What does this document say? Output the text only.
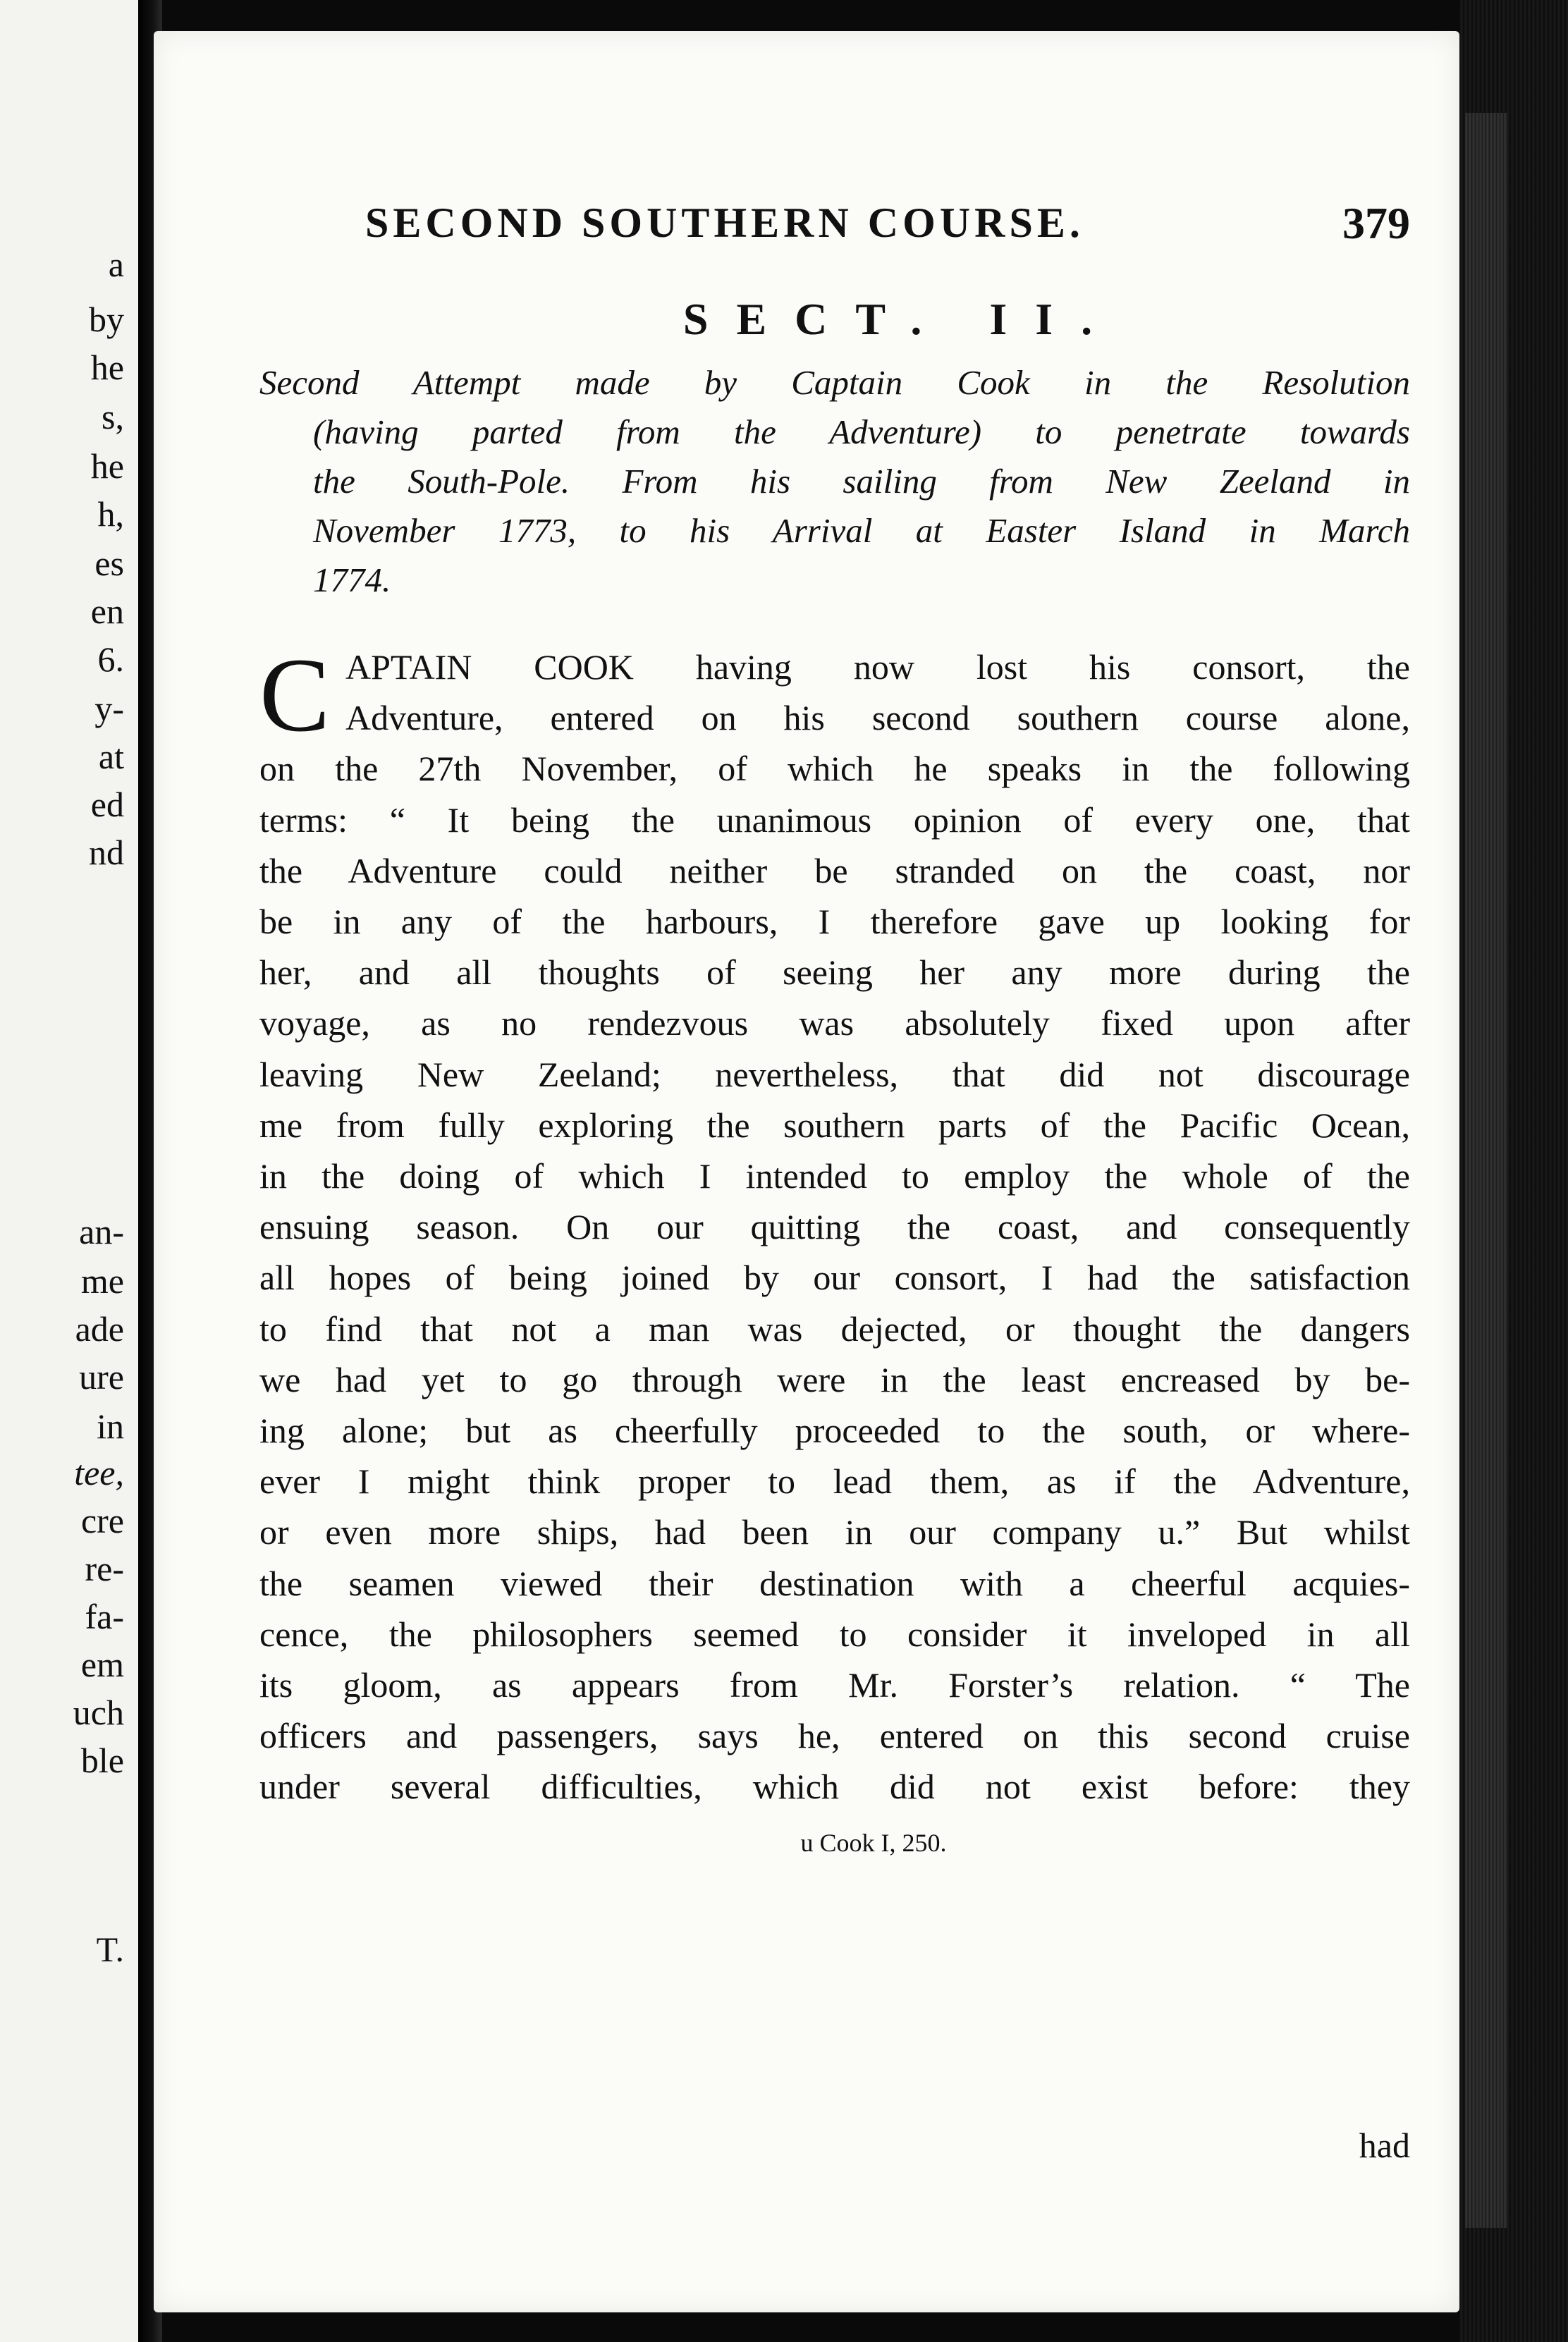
a
by
he
s,
he
h,
es
en
6.
y-
at
ed
nd
an-
me
ade
ure
in
tee,
cre
re-
fa-
em
uch
ble
T.
SECOND SOUTHERN COURSE.	379
SECT. II.
Second Attempt made by Captain Cook in the Resolution
(having parted from the Adventure) to penetrate towards
the South-Pole. From his sailing from New Zeeland in
November 1773, to his Arrival at Easter Island in March
1774.
C APTAIN COOK having now lost his consort, the
Adventure, entered on his second southern course alone,
on the 27th November, of which he speaks in the following
terms: “ It being the unanimous opinion of every one, that
the Adventure could neither be stranded on the coast, nor
be in any of the harbours, I therefore gave up looking for
her, and all thoughts of seeing her any more during the
voyage, as no rendezvous was absolutely fixed upon after
leaving New Zeeland; nevertheless, that did not discourage
me from fully exploring the southern parts of the Pacific Ocean,
in the doing of which I intended to employ the whole of the
ensuing season. On our quitting the coast, and consequently
all hopes of being joined by our consort, I had the satisfaction
to find that not a man was dejected, or thought the dangers
we had yet to go through were in the least encreased by be-
ing alone; but as cheerfully proceeded to the south, or where-
ever I might think proper to lead them, as if the Adventure,
or even more ships, had been in our company u.” But whilst
the seamen viewed their destination with a cheerful acquies-
cence, the philosophers seemed to consider it inveloped in all
its gloom, as appears from Mr. Forster’s relation. “ The
officers and passengers, says he, entered on this second cruise
under several difficulties, which did not exist before: they
u Cook I, 250.
had
